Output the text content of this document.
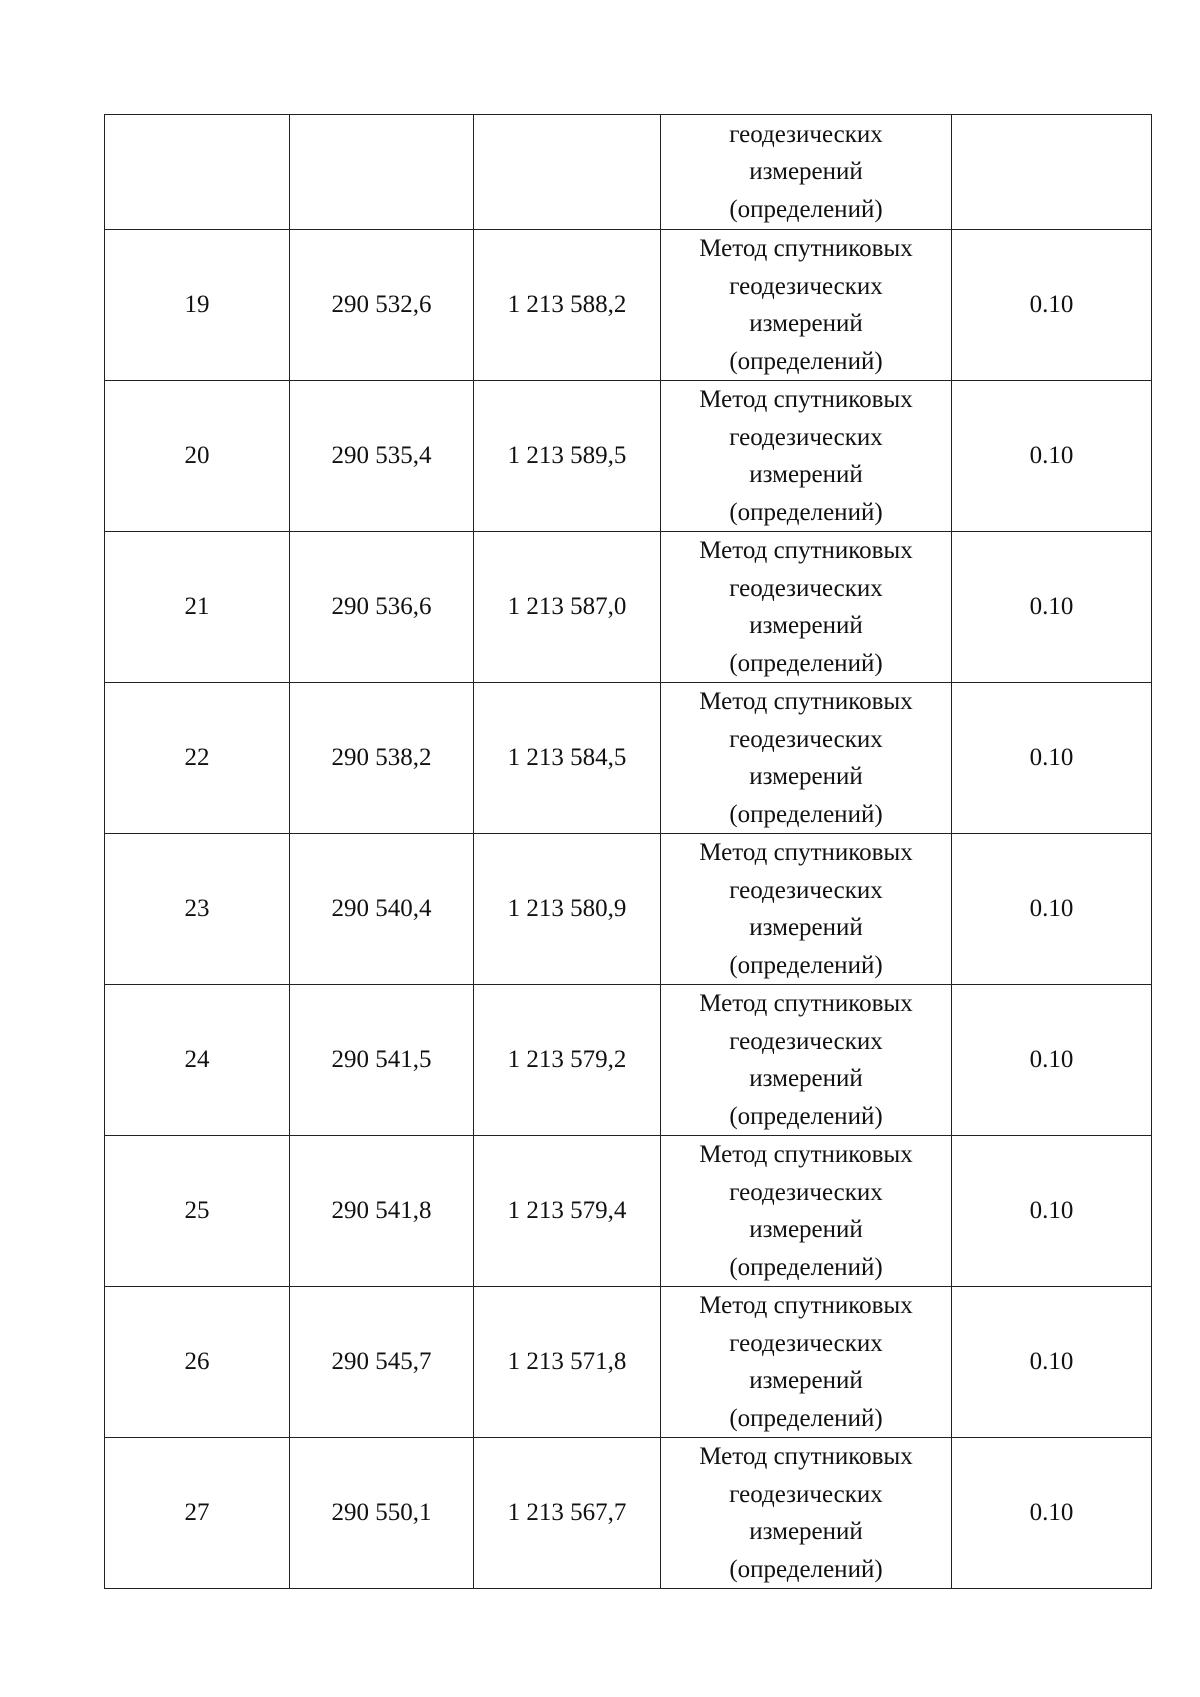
			геодезических
измерений
(определений)	

19	290 532,6	1 213 588,2	Метод спутниковых
геодезических
измерений
(определений)	0.10
20	290 535,4	1 213 589,5	Метод спутниковых
геодезических
измерений
(определений)	0.10
21	290 536,6	1 213 587,0	Метод спутниковых
геодезических
измерений
(определений)	0.10
22	290 538,2	1 213 584,5	Метод спутниковых
геодезических
измерений
(определений)	0.10
23	290 540,4	1 213 580,9	Метод спутниковых
геодезических
измерений
(определений)	0.10
24	290 541,5	1 213 579,2	Метод спутниковых
геодезических
измерений
(определений)	0.10
25	290 541,8	1 213 579,4	Метод спутниковых
геодезических
измерений
(определений)	0.10
26	290 545,7	1 213 571,8	Метод спутниковых
геодезических
измерений
(определений)	0.10
27	290 550,1	1 213 567,7	Метод спутниковых
геодезических
измерений
(определений)	0.10
